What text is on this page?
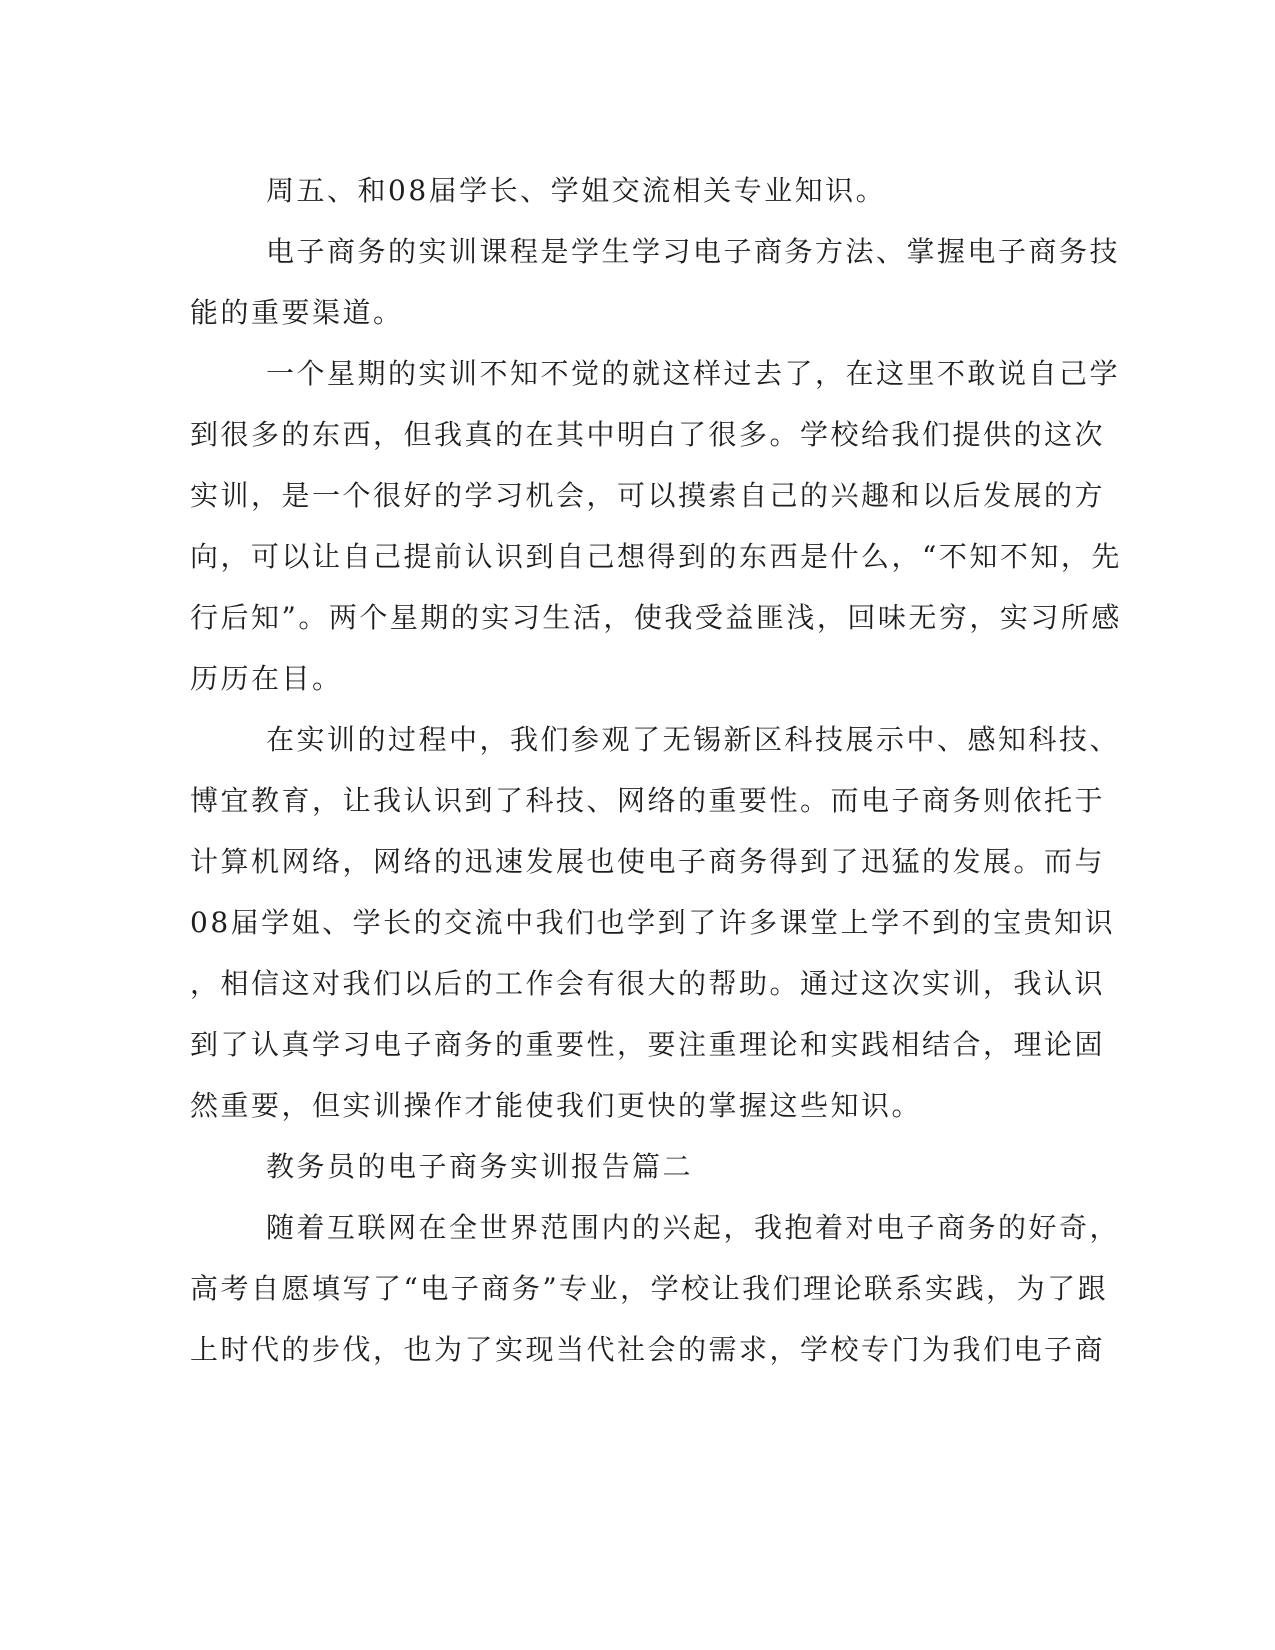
周五、和08届学长、学姐交流相关专业知识。
电子商务的实训课程是学生学习电子商务方法、掌握电子商务技
能的重要渠道。
一个星期的实训不知不觉的就这样过去了，在这里不敢说自己学
到很多的东西，但我真的在其中明白了很多。学校给我们提供的这次
实训，是一个很好的学习机会，可以摸索自己的兴趣和以后发展的方
向，可以让自己提前认识到自己想得到的东西是什么，“不知不知，先
行后知”。两个星期的实习生活，使我受益匪浅，回味无穷，实习所感
历历在目。
在实训的过程中，我们参观了无锡新区科技展示中、感知科技、
博宜教育，让我认识到了科技、网络的重要性。而电子商务则依托于
计算机网络，网络的迅速发展也使电子商务得到了迅猛的发展。而与
08届学姐、学长的交流中我们也学到了许多课堂上学不到的宝贵知识
，相信这对我们以后的工作会有很大的帮助。通过这次实训，我认识
到了认真学习电子商务的重要性，要注重理论和实践相结合，理论固
然重要，但实训操作才能使我们更快的掌握这些知识。
教务员的电子商务实训报告篇二
随着互联网在全世界范围内的兴起，我抱着对电子商务的好奇，
高考自愿填写了“电子商务”专业，学校让我们理论联系实践，为了跟
上时代的步伐，也为了实现当代社会的需求，学校专门为我们电子商
